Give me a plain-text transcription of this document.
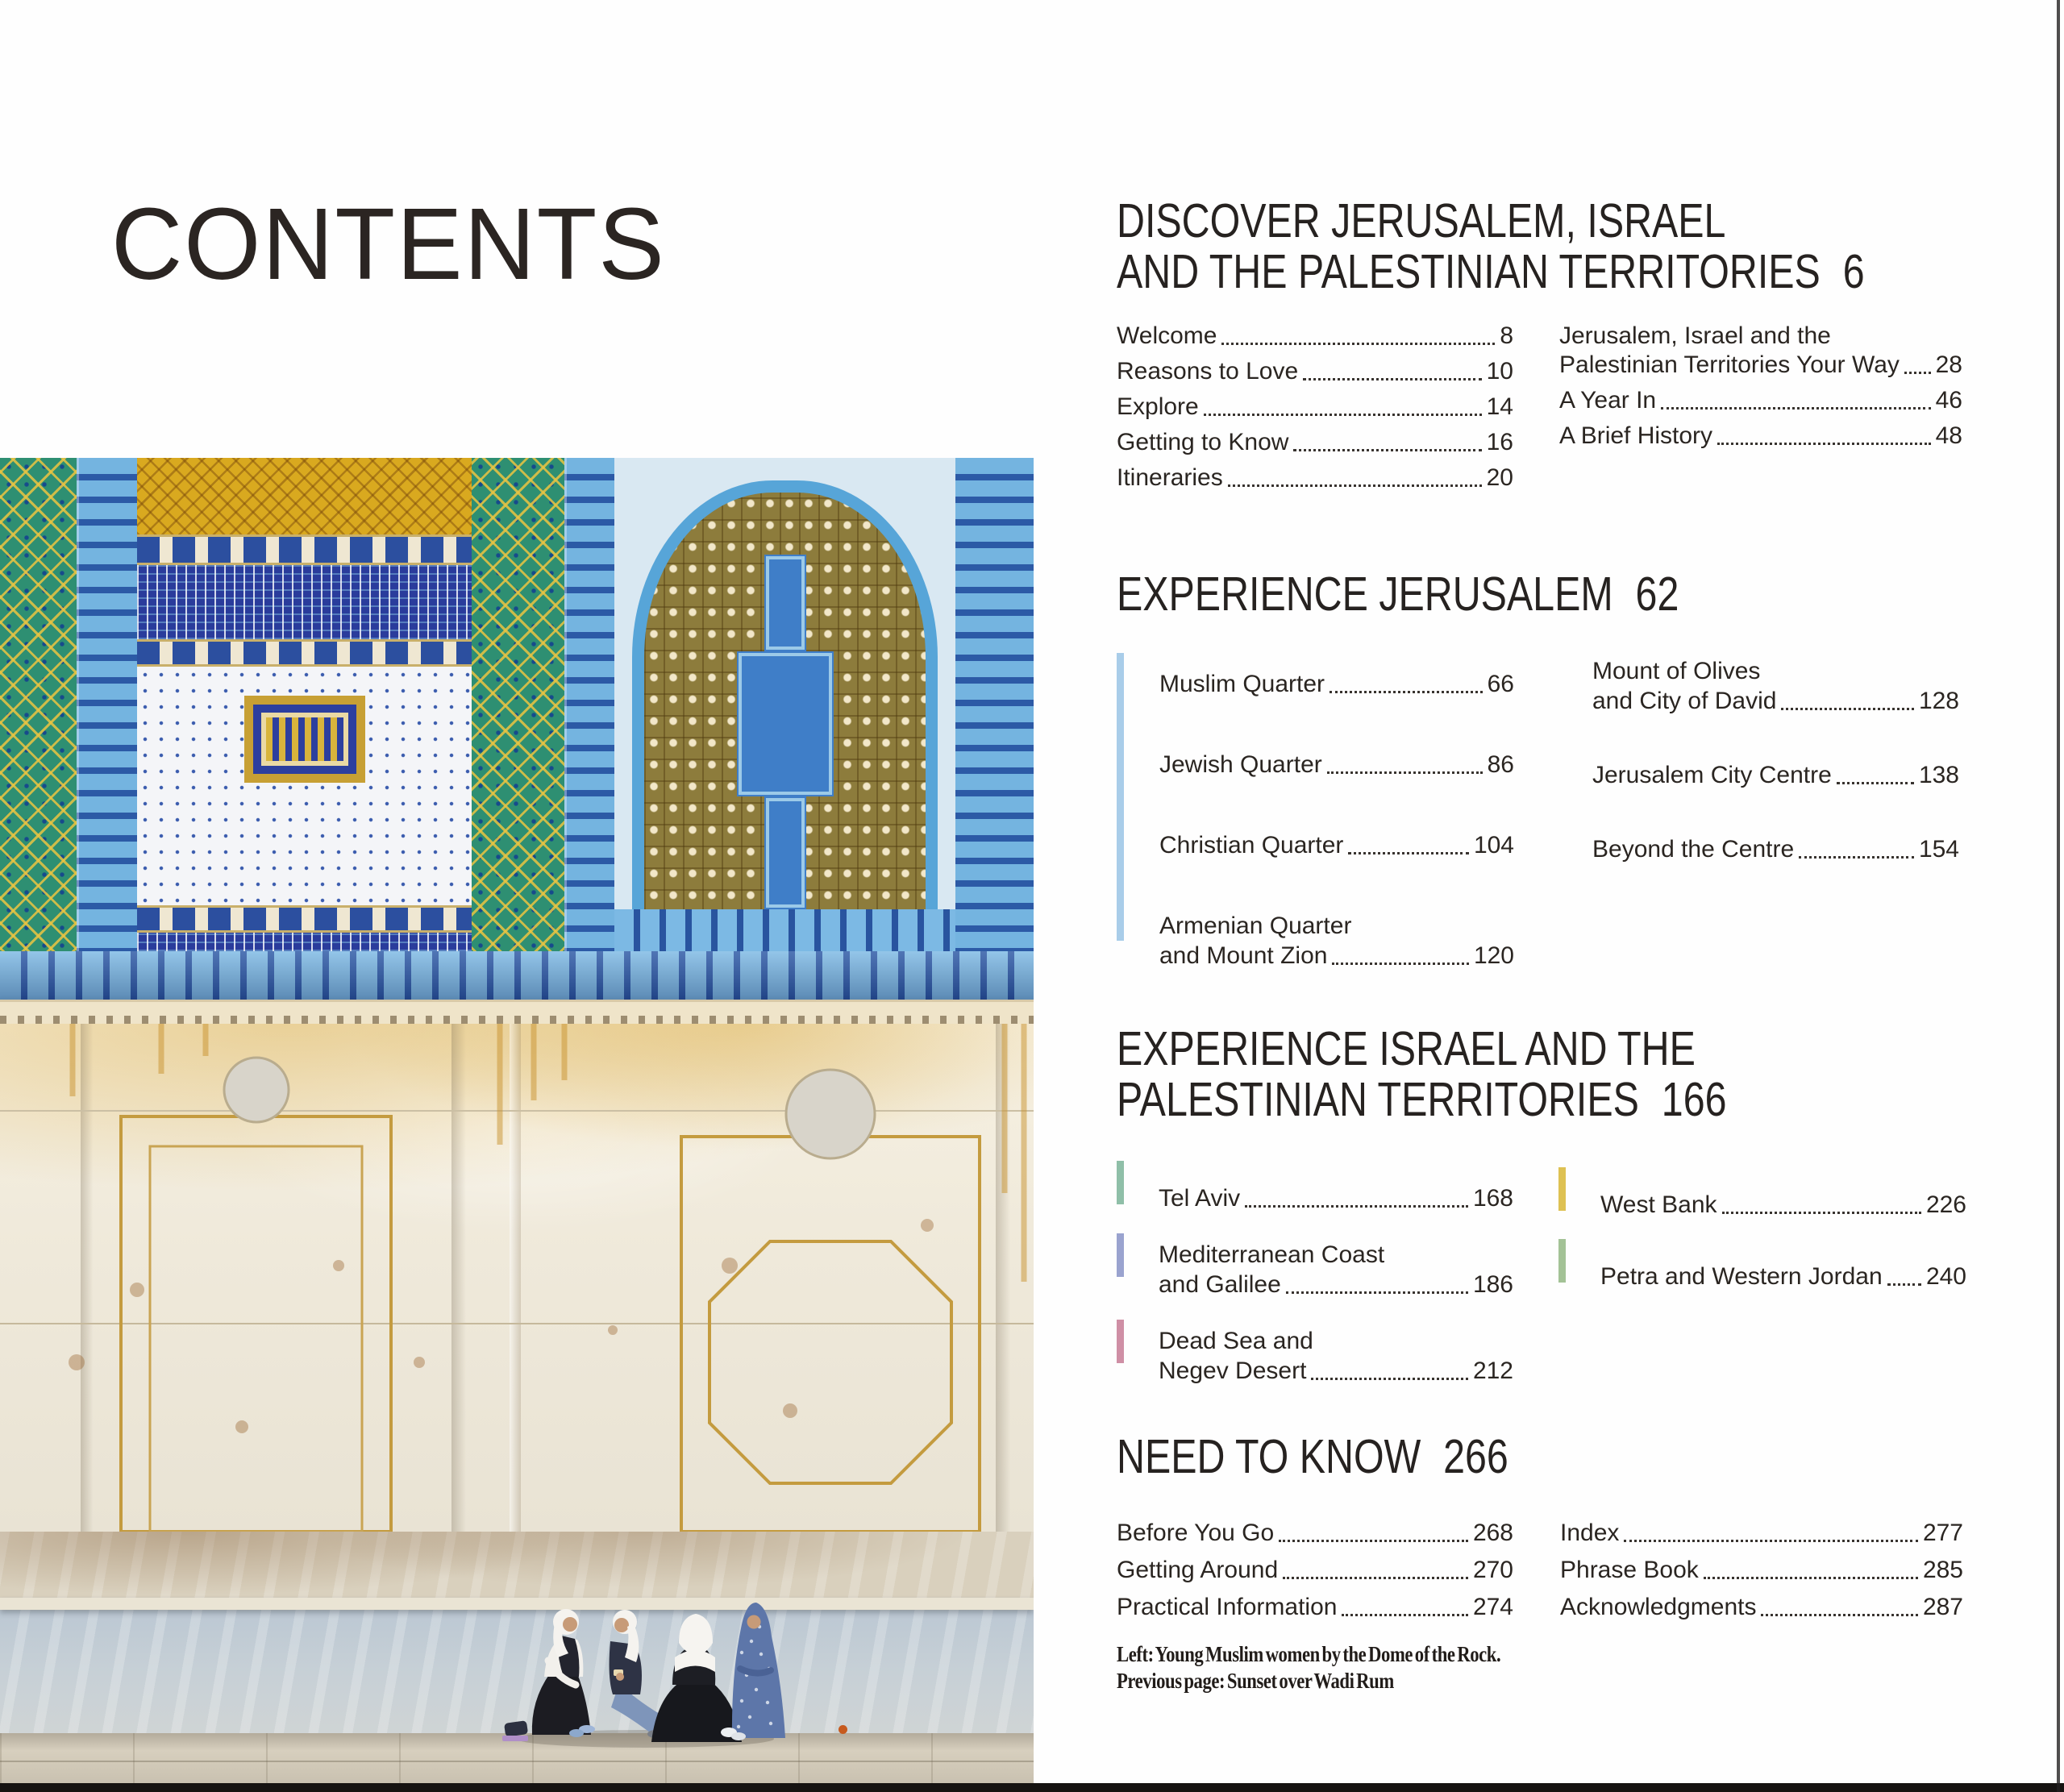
CONTENTS	DISCOVER JERUSALEM, ISRAEL
AND THE PALESTINIAN TERRITORIES 6
Welcome	8
Reasons to Love	10
Explore	14
Getting to Know	16
Itineraries	20
Jerusalem, Israel and the
Palestinian Territories Your Way 28
A Year In	46
A Brief History	48
EXPERIENCE JERUSALEM 62
Muslim Quarter	66
Jewish Quarter	86
Christian Quarter	104
Armenian Quarter
and Mount Zion	120
Mount of Olives
and City of David	128
Jerusalem City Centre	138
Beyond the Centre	154
EXPERIENCE ISRAEL AND THE
PALESTINIAN TERRITORIES 166
Tel Aviv	168
Mediterranean Coast
and Galilee	186
Dead Sea and
Negev Desert	212
West Bank	226
Petra and Western Jordan 240
NEED TO KNOW 266
Before You Go	268
Getting Around	270
Practical Information	274
Index	277
Phrase Book	285
Acknowledgments	287
Left: Young Muslim women by the Dome of the Rock.
Previous page: Sunset over Wadi Rum
